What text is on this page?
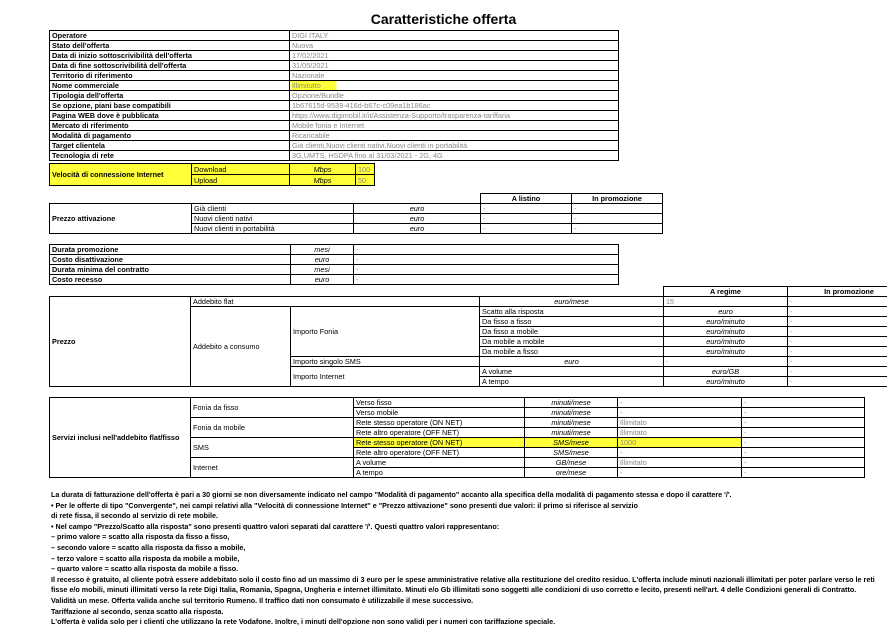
Caratteristiche offerta
Operatore	DIGI ITALY
Stato dell'offerta	Nuova
Data di inizio sottoscrivibilità dell'offerta	17/02/2021
Data di fine sottoscrivibilità dell'offerta	31/05/2021
Territorio di riferimento	Nazionale
Nome commerciale	Illimitutto
Tipologia dell'offerta	Opzione/Bundle
Se opzione, piani base compatibili	1b67615d-9539-416d-b67c-c09ea1b186ac
Pagina WEB dove è pubblicata	https://www.digimobil.it/it/Assistenza-Supporto/trasparenza-tariffaria
Mercato di riferimento	Mobile fonia e Internet
Modalità di pagamento	Ricaricabile
Target clientela	Già clienti,Nuovi clienti nativi,Nuovi clienti in portabilità
Tecnologia di rete	3G,UMTS, HSDPA fino al 31/03/2021 - 2G, 4G
Velocità di connessione Internet	Download	Mbps	100	
	Upload	Mbps	50	
			A listino	In promozione
Prezzo attivazione	Già clienti	euro	-	-
	Nuovi clienti nativi	euro	-	-
	Nuovi clienti in portabilità	euro	-	-
Durata promozione	mesi	-
Costo disattivazione	euro	-
Durata minima del contratto	mesi	-
Costo recesso	euro	-
					A regime	In promozione	
Prezzo	Addebito flat			euro/mese	15	-	
	Addebito a consumo	Importo Fonia		Scatto alla risposta	euro	-	
				Da fisso a fisso	euro/minuto	-	
				Da fisso a mobile	euro/minuto	-	
				Da mobile a mobile	euro/minuto	-	
				Da mobile a fisso	euro/minuto	-	
		Importo singolo SMS		euro	-	-	
		Importo Internet		A volume	euro/GB	-	
				A tempo	euro/minuto	-	
Servizi inclusi nell'addebito flat/fisso	Fonia da fisso	Verso fisso	minuti/mese	-	-
		Verso mobile	minuti/mese	-	-
	Fonia da mobile	Rete stesso operatore (ON NET)	minuti/mese	Illimitato	-
		Rete altro operatore (OFF NET)	minuti/mese	Illimitato	-
	SMS	Rete stesso operatore (ON NET)	SMS/mese	1000	-
		Rete altro operatore (OFF NET)	SMS/mese	-	-
	Internet	A volume	GB/mese	Illimitato	-
		A tempo	ore/mese	-	-

La durata di fatturazione dell'offerta è pari a 30 giorni se non diversamente indicato nel campo "Modalità di pagamento" accanto alla specifica della modalità di pagamento stessa e dopo il carattere '/'.

• Per le offerte di tipo "Convergente", nei campi relativi alla "Velocità di connessione Internet" e "Prezzo attivazione" sono presenti due valori: il primo si riferisce al servizio

di rete fissa, il secondo al servizio di rete mobile.

• Nel campo "Prezzo/Scatto alla risposta" sono presenti quattro valori separati dal carattere '/'. Questi quattro valori rappresentano:

– primo valore = scatto alla risposta da fisso a fisso,

– secondo valore = scatto alla risposta da fisso a mobile,

– terzo valore = scatto alla risposta da mobile a mobile,

– quarto valore = scatto alla risposta da mobile a fisso.

Il recesso è gratuito, al cliente potrà essere addebitato solo il costo fino ad un massimo di 3 euro per le spese amministrative relative alla restituzione del credito residuo. L'offerta include minuti nazionali illimitati per poter parlare verso le reti

fisse e/o mobili, minuti illimitati verso la rete Digi Italia, Romania, Spagna, Ungheria e internet illimitato. Minuti e/o Gb illimitati sono soggetti alle condizioni di uso corretto e lecito, presenti nell'art. 4 delle Condizioni generali di Contratto.

Validità un mese. Offerta valida anche sul territorio Rumeno. Il traffico dati non consumato è utilizzabile il mese successivo.

Tariffazione al secondo, senza scatto alla risposta.

L'offerta è valida solo per i clienti che utilizzano la rete Vodafone. Inoltre, i minuti dell'opzione non sono validi per i numeri con tariffazione speciale.
